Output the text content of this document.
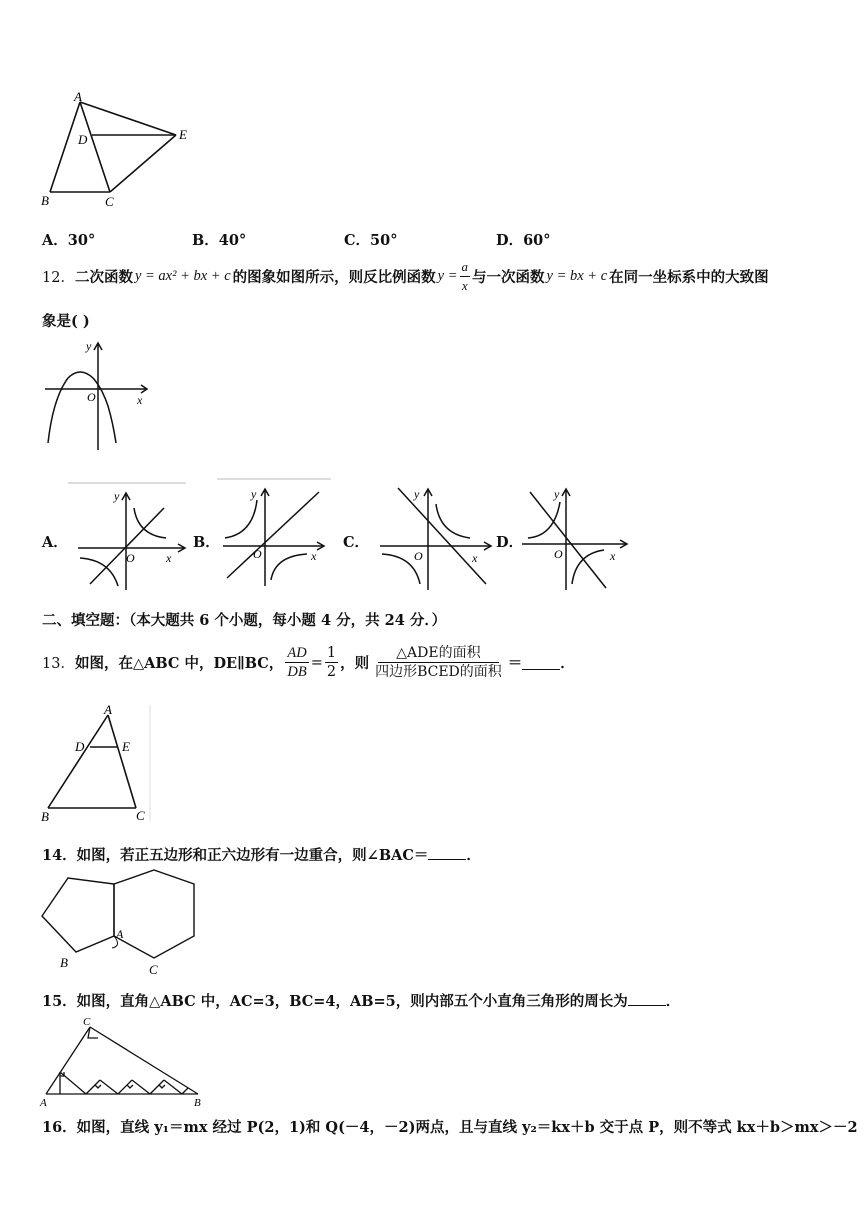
A
D	E
B	C
A．30°	B．40°	C．50°	D．60°
12． 二次函数 y = ax² + bx + c 的图象如图所示，则反比例函数 $y = \frac{a}{x}$ 与一次函数 y = bx + c 在同一坐标系中的大致图
象是( )
y
O	x
A．
y
O	x
B．
y
O	x
C．
y
O	x
D．
y
O	x
二、填空题：（本大题共 6 个小题，每小题 4 分，共 24 分．）
13． 如图，在△ABC 中，DE∥BC， $\frac{AD}{DB} = \frac{1}{2}$ ，则 $\frac{\text{△ADE的面积}}{\text{四边形BCED的面积}}$ ＝	．
A
D	E
B	C
14．如图，若正五边形和正六边形有一边重合，则∠BAC＝	．
A
B	C
15．如图，直角△ABC 中，AC=3，BC=4，AB=5，则内部五个小直角三角形的周长为	．
C
A	B
16．如图，直线 y₁＝mx 经过 P(2，1)和 Q(－4，－2)两点，且与直线 y₂＝kx＋b 交于点 P，则不等式 kx＋b＞mx＞－2
